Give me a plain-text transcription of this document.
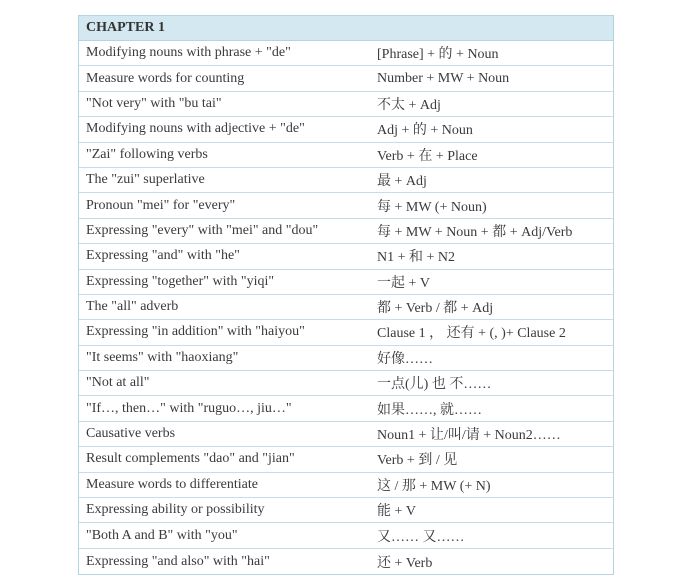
CHAPTER 1
Modifying nouns with phrase + "de"	[Phrase] + 的 + Noun
Measure words for counting	Number + MW + Noun
"Not very" with "bu tai"	不太 + Adj
Modifying nouns with adjective + "de"	Adj + 的 + Noun
"Zai" following verbs	Verb + 在 + Place
The "zui" superlative	最 + Adj
Pronoun "mei" for "every"	每 + MW (+ Noun)
Expressing "every" with "mei" and "dou"	每 + MW + Noun + 都 + Adj/Verb
Expressing "and" with "he"	N1 + 和 + N2
Expressing "together" with "yiqi"	一起 + V
The "all" adverb	都 + Verb / 都 + Adj
Expressing "in addition" with "haiyou"	Clause 1 ， 还有 + (, )+ Clause 2
"It seems" with "haoxiang"	好像……
"Not at all"	一点(儿) 也 不……
"If…, then…" with "ruguo…, jiu…"	如果……, 就……
Causative verbs	Noun1 + 让/叫/请 + Noun2……
Result complements "dao" and "jian"	Verb + 到 / 见
Measure words to differentiate	这 / 那 + MW (+ N)
Expressing ability or possibility	能 + V
"Both A and B" with "you"	又…… 又……
Expressing "and also" with "hai"	还 + Verb
